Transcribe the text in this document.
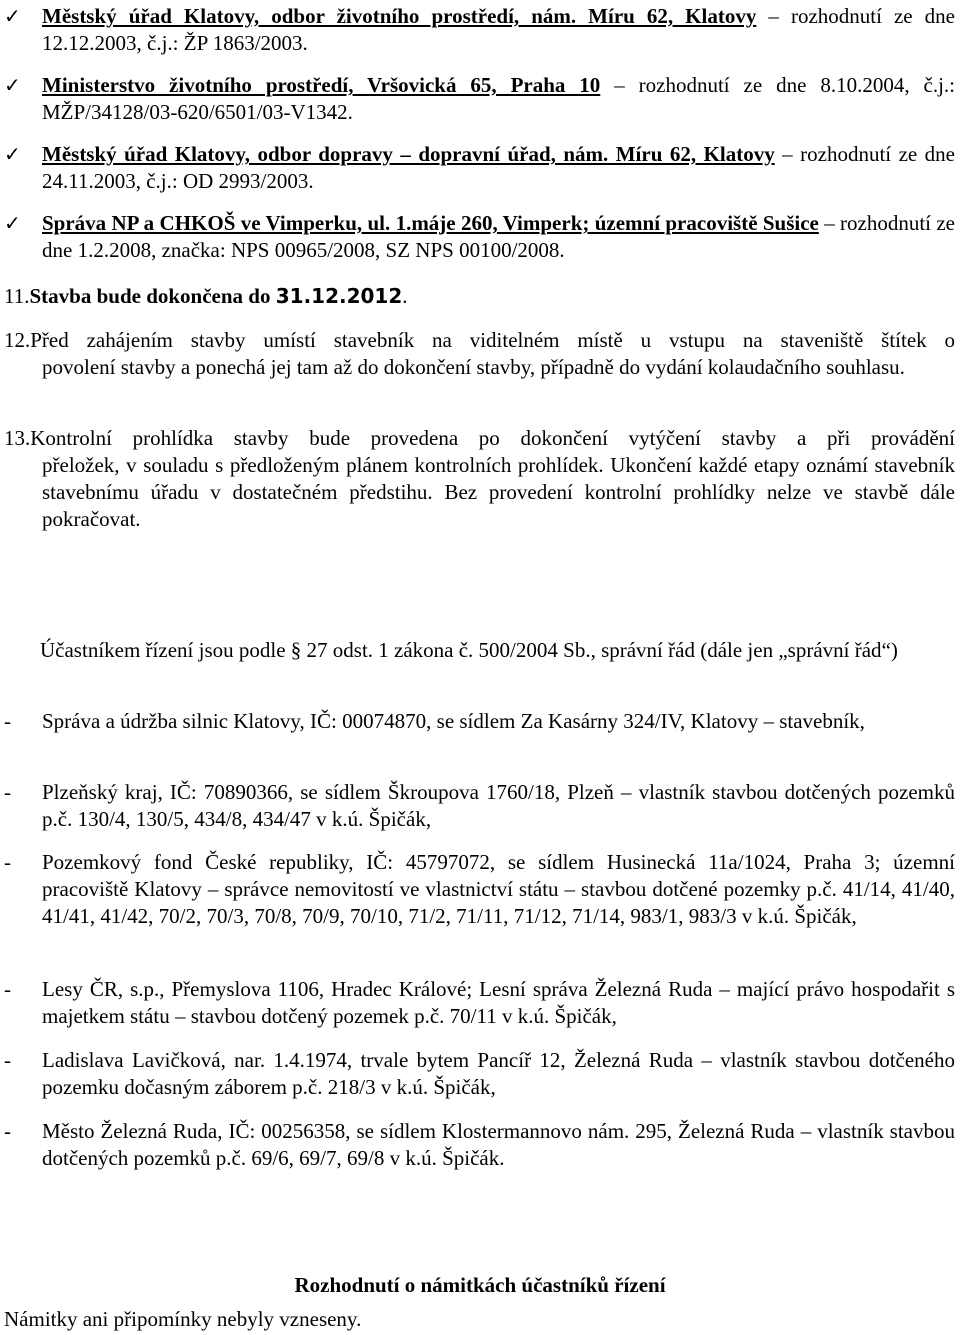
✓	Městský úřad Klatovy, odbor životního prostředí, nám. Míru 62, Klatovy – rozhodnutí ze dne 12.12.2003, č.j.: ŽP 1863/2003.
✓	Ministerstvo životního prostředí, Vršovická 65, Praha 10 – rozhodnutí ze dne 8.10.2004, č.j.: MŽP/34128/03-620/6501/03-V1342.
✓	Městský úřad Klatovy, odbor dopravy – dopravní úřad, nám. Míru 62, Klatovy – rozhodnutí ze dne 24.11.2003, č.j.: OD 2993/2003.
✓	Správa NP a CHKOŠ ve Vimperku, ul. 1.máje 260, Vimperk; územní pracoviště Sušice – rozhodnutí ze dne 1.2.2008, značka: NPS 00965/2008, SZ NPS 00100/2008.
11.Stavba bude dokončena do 31.12.2012.
12.Před zahájením stavby umístí stavebník na viditelném místě u vstupu na staveniště štítek o
povolení stavby a ponechá jej tam až do dokončení stavby, případně do vydání kolaudačního souhlasu.
13.Kontrolní prohlídka stavby bude provedena po dokončení vytýčení stavby a při provádění
přeložek, v souladu s předloženým plánem kontrolních prohlídek. Ukončení každé etapy oznámí stavebník stavebnímu úřadu v dostatečném předstihu. Bez provedení kontrolní prohlídky nelze ve stavbě dále pokračovat.
Účastníkem řízení jsou podle § 27 odst. 1 zákona č. 500/2004 Sb., správní řád (dále jen „správní řád“)
- Správa a údržba silnic Klatovy, IČ: 00074870, se sídlem Za Kasárny 324/IV, Klatovy – stavebník,
- Plzeňský kraj, IČ: 70890366, se sídlem Škroupova 1760/18, Plzeň – vlastník stavbou dotčených pozemků p.č. 130/4, 130/5, 434/8, 434/47 v k.ú. Špičák,
- Pozemkový fond České republiky, IČ: 45797072, se sídlem Husinecká 11a/1024, Praha 3; územní pracoviště Klatovy – správce nemovitostí ve vlastnictví státu – stavbou dotčené pozemky p.č. 41/14, 41/40, 41/41, 41/42, 70/2, 70/3, 70/8, 70/9, 70/10, 71/2, 71/11, 71/12, 71/14, 983/1, 983/3 v k.ú. Špičák,
- Lesy ČR, s.p., Přemyslova 1106, Hradec Králové; Lesní správa Železná Ruda – mající právo hospodařit s majetkem státu – stavbou dotčený pozemek p.č. 70/11 v k.ú. Špičák,
- Ladislava Lavičková, nar. 1.4.1974, trvale bytem Pancíř 12, Železná Ruda – vlastník stavbou dotčeného pozemku dočasným záborem p.č. 218/3 v k.ú. Špičák,
- Město Železná Ruda, IČ: 00256358, se sídlem Klostermannovo nám. 295, Železná Ruda – vlastník stavbou dotčených pozemků p.č. 69/6, 69/7, 69/8 v k.ú. Špičák.
Rozhodnutí o námitkách účastníků řízení
Námitky ani připomínky nebyly vzneseny.
